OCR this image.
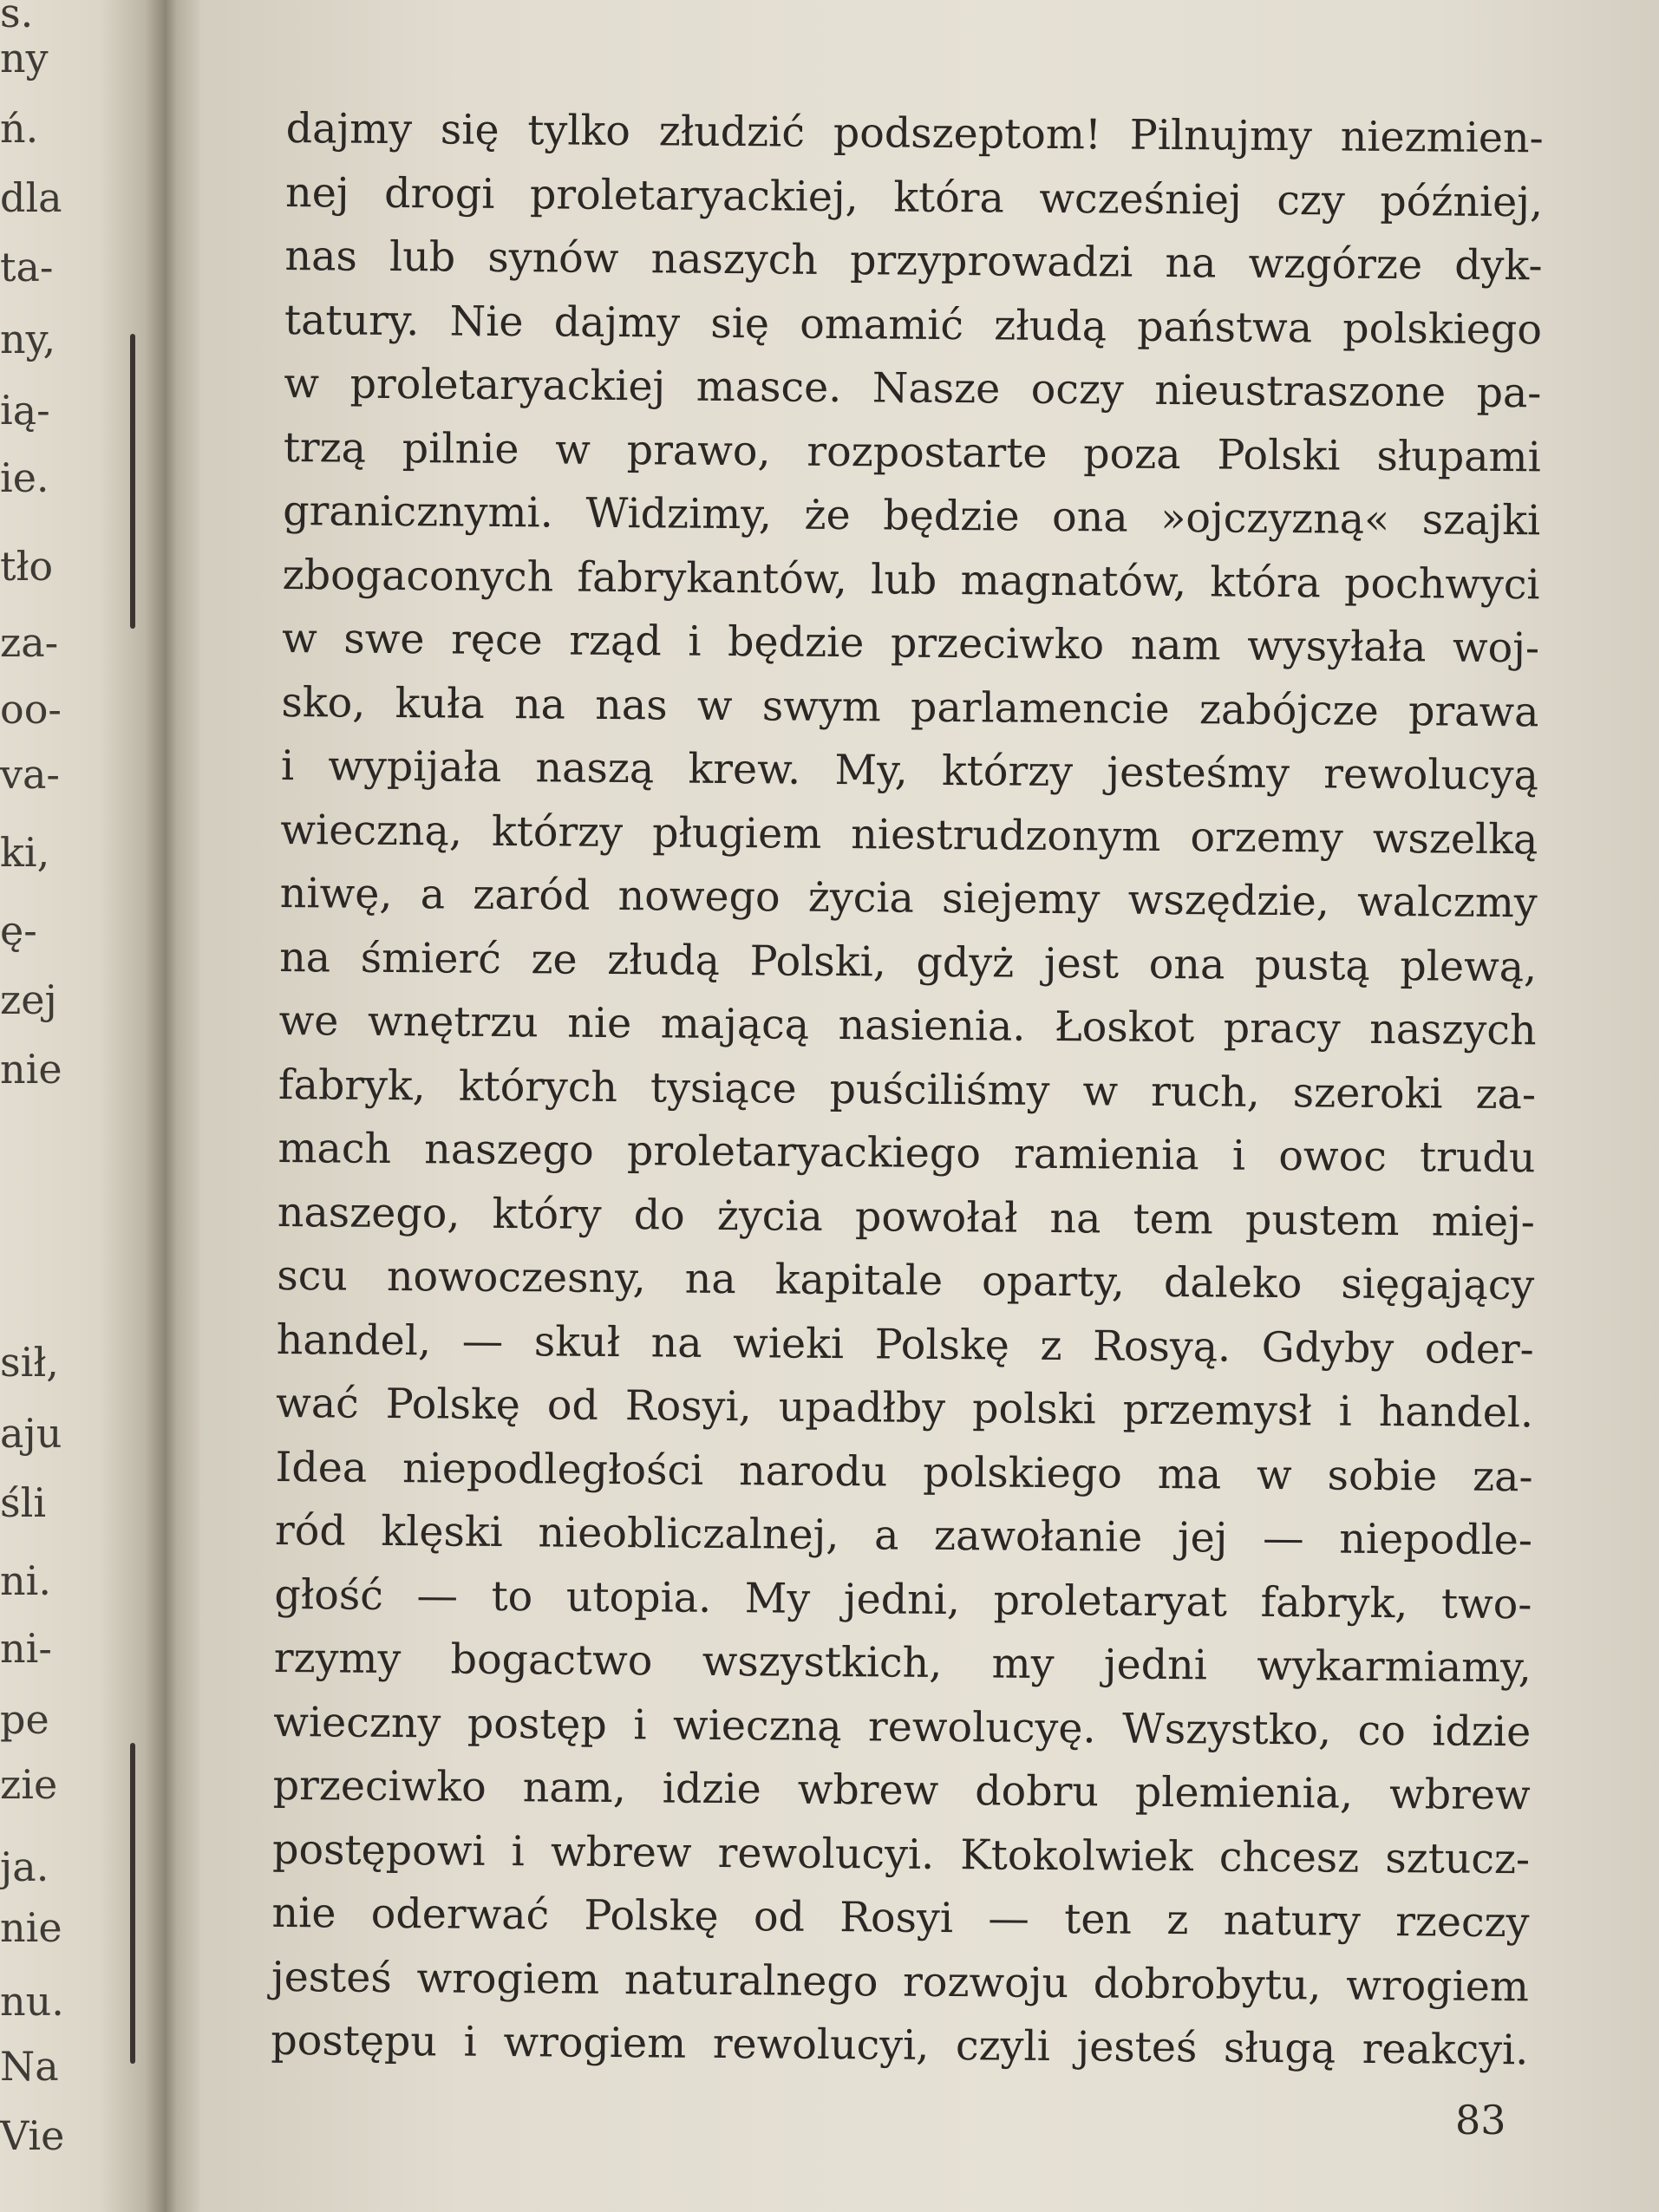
s.
ny
ń.
dla
ta-
ny,
ią-
ie.
tło
za-
oo-
va-
ki,
ę-
zej
nie
sił,
aju
śli
ni.
ni-
pe
zie
ja.
nie
nu.
Na
Vie
dajmy się tylko złudzić podszeptom! Pilnujmy niezmien-
nej drogi proletaryackiej, która wcześniej czy później,
nas lub synów naszych przyprowadzi na wzgórze dyk-
tatury. Nie dajmy się omamić złudą państwa polskiego
w proletaryackiej masce. Nasze oczy nieustraszone pa-
trzą pilnie w prawo, rozpostarte poza Polski słupami
granicznymi. Widzimy, że będzie ona »ojczyzną« szajki
zbogaconych fabrykantów, lub magnatów, która pochwyci
w swe ręce rząd i będzie przeciwko nam wysyłała woj-
sko, kuła na nas w swym parlamencie zabójcze prawa
i wypijała naszą krew. My, którzy jesteśmy rewolucyą
wieczną, którzy pługiem niestrudzonym orzemy wszelką
niwę, a zaród nowego życia siejemy wszędzie, walczmy
na śmierć ze złudą Polski, gdyż jest ona pustą plewą,
we wnętrzu nie mającą nasienia. Łoskot pracy naszych
fabryk, których tysiące puściliśmy w ruch, szeroki za-
mach naszego proletaryackiego ramienia i owoc trudu
naszego, który do życia powołał na tem pustem miej-
scu nowoczesny, na kapitale oparty, daleko sięgający
handel, — skuł na wieki Polskę z Rosyą. Gdyby oder-
wać Polskę od Rosyi, upadłby polski przemysł i handel.
Idea niepodległości narodu polskiego ma w sobie za-
ród klęski nieobliczalnej, a zawołanie jej — niepodle-
głość — to utopia. My jedni, proletaryat fabryk, two-
rzymy bogactwo wszystkich, my jedni wykarmiamy,
wieczny postęp i wieczną rewolucyę. Wszystko, co idzie
przeciwko nam, idzie wbrew dobru plemienia, wbrew
postępowi i wbrew rewolucyi. Ktokolwiek chcesz sztucz-
nie oderwać Polskę od Rosyi — ten z natury rzeczy
jesteś wrogiem naturalnego rozwoju dobrobytu, wrogiem
postępu i wrogiem rewolucyi, czyli jesteś sługą reakcyi.
83
